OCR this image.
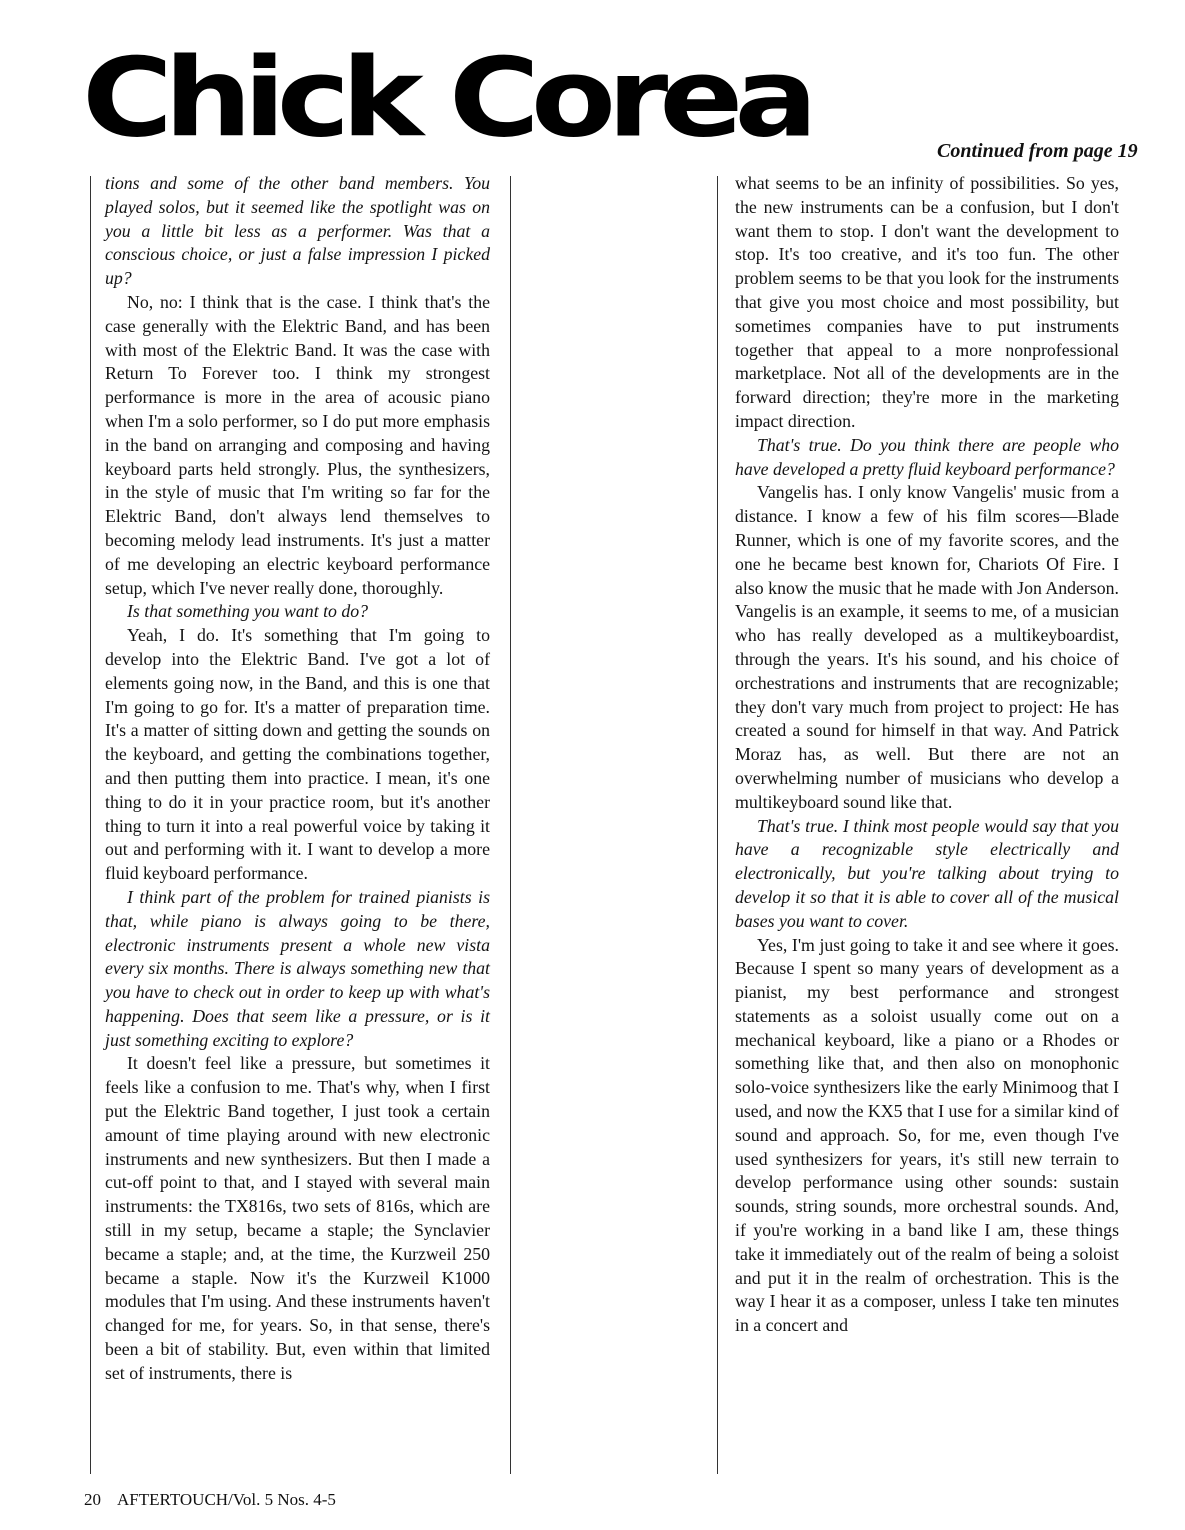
Chick Corea	Continued from page 19

tions and some of the other band members. You played solos, but it seemed like the spotlight was on you a little bit less as a performer. Was that a conscious choice, or just a false impression I picked up?

No, no: I think that is the case. I think that's the case generally with the Elektric Band, and has been with most of the Elektric Band. It was the case with Return To Forever too. I think my strongest performance is more in the area of acousic piano when I'm a solo performer, so I do put more emphasis in the band on arranging and composing and having keyboard parts held strongly. Plus, the synthesizers, in the style of music that I'm writing so far for the Elektric Band, don't always lend themselves to becoming melody lead instruments. It's just a matter of me developing an electric keyboard performance setup, which I've never really done, thoroughly.

Is that something you want to do?

Yeah, I do. It's something that I'm going to develop into the Elektric Band. I've got a lot of elements going now, in the Band, and this is one that I'm going to go for. It's a matter of preparation time. It's a matter of sitting down and getting the sounds on the keyboard, and getting the combinations together, and then putting them into practice. I mean, it's one thing to do it in your practice room, but it's another thing to turn it into a real powerful voice by taking it out and performing with it. I want to develop a more fluid keyboard performance.

I think part of the problem for trained pianists is that, while piano is always going to be there, electronic instruments present a whole new vista every six months. There is always something new that you have to check out in order to keep up with what's happening. Does that seem like a pressure, or is it just something exciting to explore?

It doesn't feel like a pressure, but sometimes it feels like a confusion to me. That's why, when I first put the Elektric Band together, I just took a certain amount of time playing around with new electronic instruments and new synthesizers. But then I made a cut-off point to that, and I stayed with several main instruments: the TX816s, two sets of 816s, which are still in my setup, became a staple; the Synclavier became a staple; and, at the time, the Kurzweil 250 became a staple. Now it's the Kurzweil K1000 modules that I'm using. And these instruments haven't changed for me, for years. So, in that sense, there's been a bit of stability. But, even within that limited set of instruments, there is

what seems to be an infinity of possibilities. So yes, the new instruments can be a confusion, but I don't want them to stop. I don't want the development to stop. It's too creative, and it's too fun. The other problem seems to be that you look for the instruments that give you most choice and most possibility, but sometimes companies have to put instruments together that appeal to a more nonprofessional marketplace. Not all of the developments are in the forward direction; they're more in the marketing impact direction.

That's true. Do you think there are people who have developed a pretty fluid keyboard performance?

Vangelis has. I only know Vangelis' music from a distance. I know a few of his film scores—Blade Runner, which is one of my favorite scores, and the one he became best known for, Chariots Of Fire. I also know the music that he made with Jon Anderson. Vangelis is an example, it seems to me, of a musician who has really developed as a multikeyboardist, through the years. It's his sound, and his choice of orchestrations and instruments that are recognizable; they don't vary much from project to project: He has created a sound for himself in that way. And Patrick Moraz has, as well. But there are not an overwhelming number of musicians who develop a multikeyboard sound like that.

That's true. I think most people would say that you have a recognizable style electrically and electronically, but you're talking about trying to develop it so that it is able to cover all of the musical bases you want to cover.

Yes, I'm just going to take it and see where it goes. Because I spent so many years of development as a pianist, my best performance and strongest statements as a soloist usually come out on a mechanical keyboard, like a piano or a Rhodes or something like that, and then also on monophonic solo-voice synthesizers like the early Minimoog that I used, and now the KX5 that I use for a similar kind of sound and approach. So, for me, even though I've used synthesizers for years, it's still new terrain to develop performance using other sounds: sustain sounds, string sounds, more orchestral sounds. And, if you're working in a band like I am, these things take it immediately out of the realm of being a soloist and put it in the realm of orchestration. This is the way I hear it as a composer, unless I take ten minutes in a concert and

20 AFTERTOUCH/Vol. 5 Nos. 4-5
